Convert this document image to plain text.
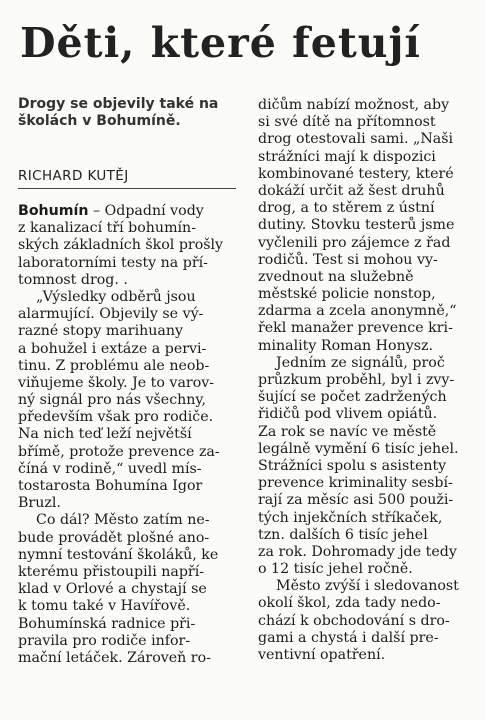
Děti, které fetují
Drogy se objevily také na
školách v Bohumíně.
RICHARD KUTĚJ
Bohumín – Odpadní vody
z kanalizací tří bohumín-
ských základních škol prošly
laboratorními testy na pří-
tomnost drog. .
„Výsledky odběrů jsou
alarmující. Objevily se vý-
razné stopy marihuany
a bohužel i extáze a pervi-
tinu. Z problému ale neob-
viňujeme školy. Je to varov-
ný signál pro nás všechny,
především však pro rodiče.
Na nich teď leží největší
břímě, protože prevence za-
číná v rodině,“ uvedl mís-
tostarosta Bohumína Igor
Bruzl.
Co dál? Město zatím ne-
bude provádět plošné ano-
nymní testování školáků, ke
kterému přistoupili napří-
klad v Orlové a chystají se
k tomu také v Havířově.
Bohumínská radnice při-
pravila pro rodiče infor-
mační letáček. Zároveň ro-
dičům nabízí možnost, aby
si své dítě na přítomnost
drog otestovali sami. „Naši
strážníci mají k dispozici
kombinované testery, které
dokáží určit až šest druhů
drog, a to stěrem z ústní
dutiny. Stovku testerů jsme
vyčlenili pro zájemce z řad
rodičů. Test si mohou vy-
zvednout na služebně
městské policie nonstop,
zdarma a zcela anonymně,“
řekl manažer prevence kri-
minality Roman Honysz.
Jedním ze signálů, proč
průzkum proběhl, byl i zvy-
šující se počet zadržených
řidičů pod vlivem opiátů.
Za rok se navíc ve městě
legálně vymění 6 tisíc jehel.
Strážníci spolu s asistenty
prevence kriminality sesbí-
rají za měsíc asi 500 použi-
tých injekčních stříkaček,
tzn. dalších 6 tisíc jehel
za rok. Dohromady jde tedy
o 12 tisíc jehel ročně.
Město zvýší i sledovanost
okolí škol, zda tady nedo-
chází k obchodování s dro-
gami a chystá i další pre-
ventivní opatření.
